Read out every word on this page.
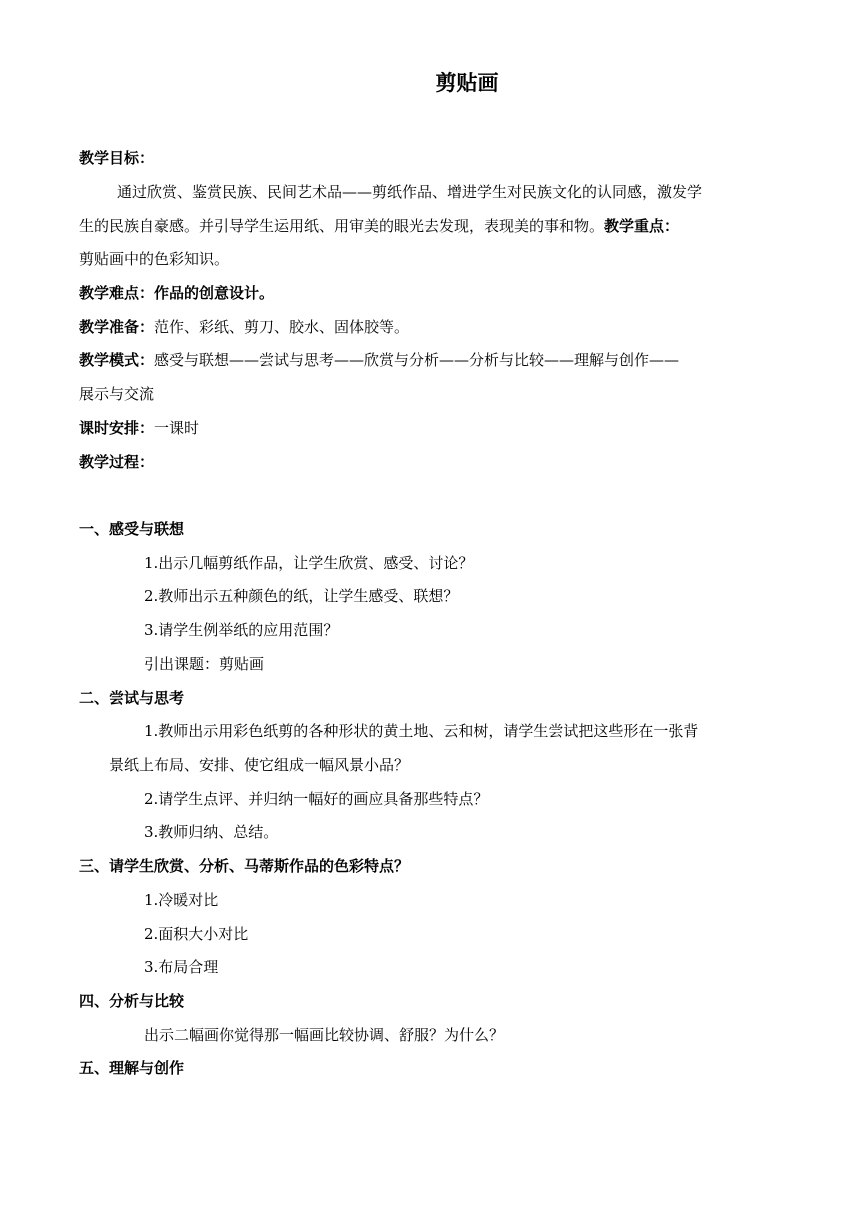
剪贴画
教学目标：
通过欣赏、鉴赏民族、民间艺术品——剪纸作品、增进学生对民族文化的认同感，激发学
生的民族自豪感。并引导学生运用纸、用审美的眼光去发现，表现美的事和物。教学重点：
剪贴画中的色彩知识。
教学难点：作品的创意设计。
教学准备：范作、彩纸、剪刀、胶水、固体胶等。
教学模式：感受与联想——尝试与思考——欣赏与分析——分析与比较——理解与创作——
展示与交流
课时安排：一课时
教学过程：
一、感受与联想
1.出示几幅剪纸作品，让学生欣赏、感受、讨论？
2.教师出示五种颜色的纸，让学生感受、联想？
3.请学生例举纸的应用范围？
引出课题：剪贴画
二、尝试与思考
1.教师出示用彩色纸剪的各种形状的黄土地、云和树，请学生尝试把这些形在一张背
景纸上布局、安排、使它组成一幅风景小品？
2.请学生点评、并归纳一幅好的画应具备那些特点？
3.教师归纳、总结。
三、请学生欣赏、分析、马蒂斯作品的色彩特点？
1.冷暖对比
2.面积大小对比
3.布局合理
四、分析与比较
出示二幅画你觉得那一幅画比较协调、舒服？为什么？
五、理解与创作
